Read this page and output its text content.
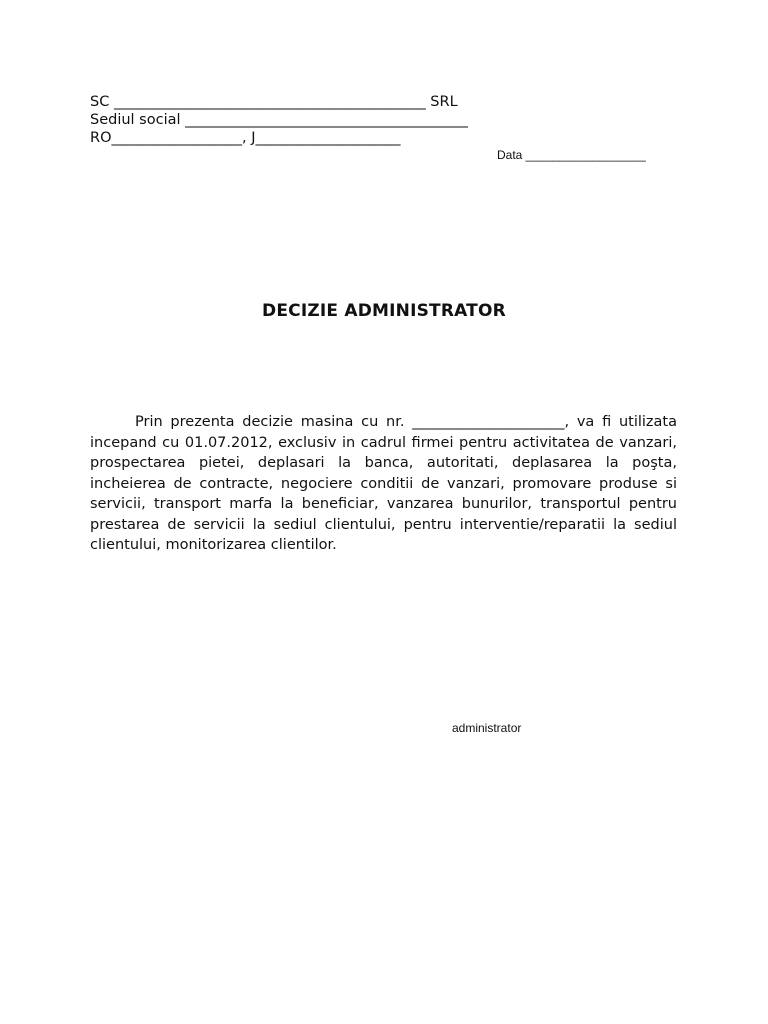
SC ___________________________________________ SRL

Sediul social _______________________________________

RO__________________, J____________________

Data __________________

DECIZIE ADMINISTRATOR

Prin prezenta decizie masina cu nr. _____________________, va fi utilizata incepand cu 01.07.2012, exclusiv in cadrul firmei pentru activitatea de vanzari, prospectarea pietei, deplasari la banca, autoritati, deplasarea la poşta, incheierea de contracte, negociere conditii de vanzari, promovare produse si servicii, transport marfa la beneficiar, vanzarea bunurilor, transportul pentru prestarea de servicii la sediul clientului, pentru interventie/reparatii la sediul clientului, monitorizarea clientilor.

administrator
